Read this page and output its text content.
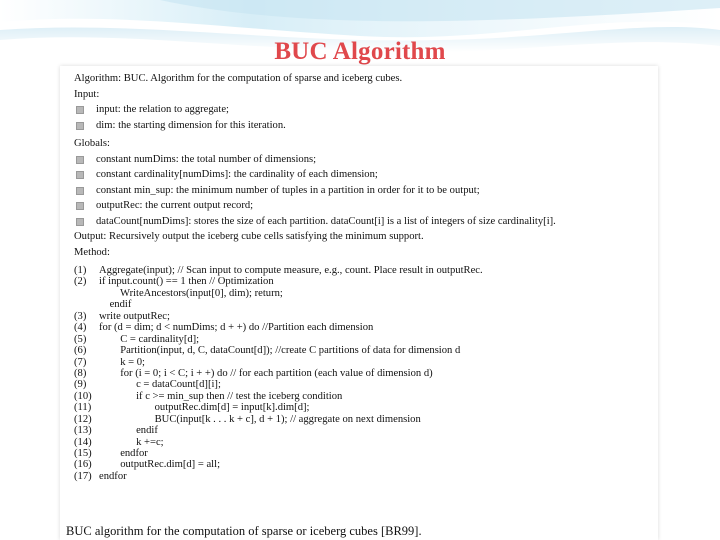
BUC Algorithm
Algorithm: BUC. Algorithm for the computation of sparse and iceberg cubes.
Input:
input: the relation to aggregate;
dim: the starting dimension for this iteration.
Globals:
constant numDims: the total number of dimensions;
constant cardinality[numDims]: the cardinality of each dimension;
constant min_sup: the minimum number of tuples in a partition in order for it to be output;
outputRec: the current output record;
dataCount[numDims]: stores the size of each partition. dataCount[i] is a list of integers of size cardinality[i].
Output: Recursively output the iceberg cube cells satisfying the minimum support.
Method:
(1)	Aggregate(input); // Scan input to compute measure, e.g., count. Place result in outputRec.
(2)	if input.count() == 1 then // Optimization
WriteAncestors(input[0], dim); return;
endif
(3)	write outputRec;
(4)	for (d = dim; d < numDims; d + +) do //Partition each dimension
(5)	C = cardinality[d];
(6)	Partition(input, d, C, dataCount[d]); //create C partitions of data for dimension d
(7)	k = 0;
(8)	for (i = 0; i < C; i + +) do // for each partition (each value of dimension d)
(9)	c = dataCount[d][i];
(10) if c >= min_sup then // test the iceberg condition
(11) outputRec.dim[d] = input[k].dim[d];
(12) BUC(input[k . . . k + c], d + 1); // aggregate on next dimension
(13) endif
(14) k +=c;
(15) endfor
(16) outputRec.dim[d] = all;
(17) endfor
BUC algorithm for the computation of sparse or iceberg cubes [BR99].
